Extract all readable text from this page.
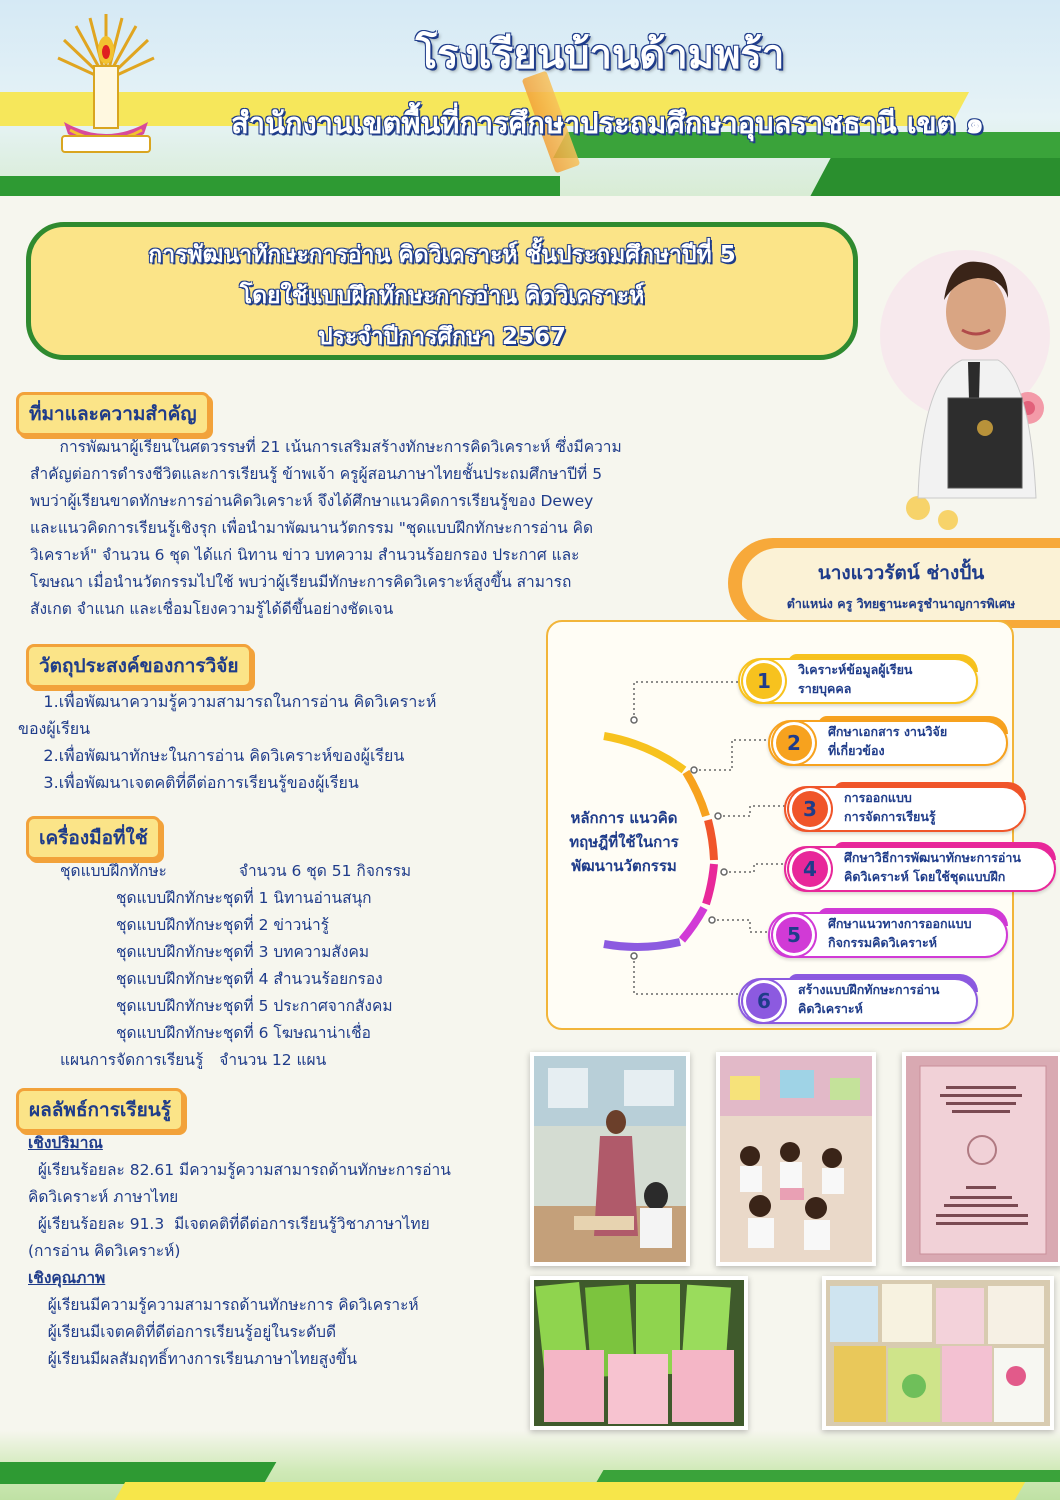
โรงเรียนบ้านด้ามพร้า
สำนักงานเขตพื้นที่การศึกษาประถมศึกษาอุบลราชธานี เขต ๑
การพัฒนาทักษะการอ่าน คิดวิเคราะห์ ชั้นประถมศึกษาปีที่ 5
โดยใช้แบบฝึกทักษะการอ่าน คิดวิเคราะห์
ประจำปีการศึกษา 2567
นางแววรัตน์ ช่างปั้น
ตำแหน่ง ครู วิทยฐานะครูชำนาญการพิเศษ
ที่มาและความสำคัญ

การพัฒนาผู้เรียนในศตวรรษที่ 21 เน้นการเสริมสร้างทักษะการคิดวิเคราะห์ ซึ่งมีความ

สำคัญต่อการดำรงชีวิตและการเรียนรู้ ข้าพเจ้า ครูผู้สอนภาษาไทยชั้นประถมศึกษาปีที่ 5

พบว่าผู้เรียนขาดทักษะการอ่านคิดวิเคราะห์ จึงได้ศึกษาแนวคิดการเรียนรู้ของ Dewey

และแนวคิดการเรียนรู้เชิงรุก เพื่อนำมาพัฒนานวัตกรรม "ชุดแบบฝึกทักษะการอ่าน คิด

วิเคราะห์" จำนวน 6 ชุด ได้แก่ นิทาน ข่าว บทความ สำนวนร้อยกรอง ประกาศ และ

โฆษณา เมื่อนำนวัตกรรมไปใช้ พบว่าผู้เรียนมีทักษะการคิดวิเคราะห์สูงขึ้น สามารถ

สังเกต จำแนก และเชื่อมโยงความรู้ได้ดีขึ้นอย่างชัดเจน

วัตถุประสงค์ของการวิจัย

1.เพื่อพัฒนาความรู้ความสามารถในการอ่าน คิดวิเคราะห์

ของผู้เรียน

2.เพื่อพัฒนาทักษะในการอ่าน คิดวิเคราะห์ของผู้เรียน

3.เพื่อพัฒนาเจตคติที่ดีต่อการเรียนรู้ของผู้เรียน

เครื่องมือที่ใช้

ชุดแบบฝึกทักษะ	จำนวน 6 ชุด 51 กิจกรรม

ชุดแบบฝึกทักษะชุดที่ 1 นิทานอ่านสนุก

ชุดแบบฝึกทักษะชุดที่ 2 ข่าวน่ารู้

ชุดแบบฝึกทักษะชุดที่ 3 บทความสังคม

ชุดแบบฝึกทักษะชุดที่ 4 สำนวนร้อยกรอง

ชุดแบบฝึกทักษะชุดที่ 5 ประกาศจากสังคม

ชุดแบบฝึกทักษะชุดที่ 6 โฆษณาน่าเชื่อ

แผนการจัดการเรียนรู้ จำนวน 12 แผน

ผลลัพธ์การเรียนรู้

เชิงปริมาณ

ผู้เรียนร้อยละ 82.61 มีความรู้ความสามารถด้านทักษะการอ่าน

คิดวิเคราะห์ ภาษาไทย

ผู้เรียนร้อยละ 91.3  มีเจตคติที่ดีต่อการเรียนรู้วิชาภาษาไทย

(การอ่าน คิดวิเคราะห์)

เชิงคุณภาพ

ผู้เรียนมีความรู้ความสามารถด้านทักษะการ คิดวิเคราะห์

ผู้เรียนมีเจตคติที่ดีต่อการเรียนรู้อยู่ในระดับดี

ผู้เรียนมีผลสัมฤทธิ์ทางการเรียนภาษาไทยสูงขึ้น

หลักการ แนวคิด
ทฤษฎีที่ใช้ในการ
พัฒนานวัตกรรม
1	วิเคราะห์ข้อมูลผู้เรียน
รายบุคคล
2	ศึกษาเอกสาร งานวิจัย
ที่เกี่ยวข้อง
3	การออกแบบ
การจัดการเรียนรู้
4	ศึกษาวิธีการพัฒนาทักษะการอ่าน
คิดวิเคราะห์ โดยใช้ชุดแบบฝึก
5	ศึกษาแนวทางการออกแบบ
กิจกรรมคิดวิเคราะห์
6	สร้างแบบฝึกทักษะการอ่าน
คิดวิเคราะห์
